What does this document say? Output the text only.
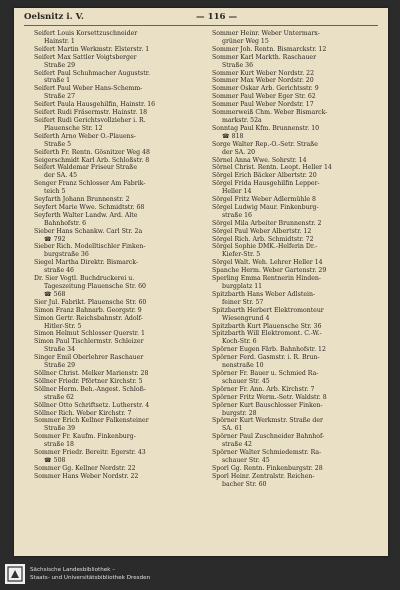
Oelsnitz i. V.	— 116 —
Seifert Louis Korsettzuschneider
Hainstr. 1
Seifert Martin Werkmstr. Elsterstr. 1
Seifert Max Sattler Voigtsberger
Straße 29
Seifert Paul Schuhmacher Auguststr.
straße 1
Seifert Paul Weber Hans-Schemm-
Straße 27
Seifert Paula Hausgehilfin, Hainstr. 16
Seifert Rudi Fräsermstr. Hainstr. 18
Seifert Rudi Gerichtsvollzieher i. R.
Plauensche Str. 12
Seiferth Arno Weber O.-Plauens-
Straße 5
Seiferth Fr. Rentn. Gösnitzer Weg 48
Seigerschmidt Karl Arb. Schloßstr. 8
Seifert Waldemar Friseur Straße
der SA. 45
Senger Franz Schlosser Am Fabrik-
teich 5
Seyfarth Johann Brunnenstr. 2
Seyfert Marie Wwe. Schmidtstr. 68
Seyferth Walter Landw. Ard. Alte
Bahnhofstr. 6
Sieber Hans Schankw. Carl Str. 2a
☎ 792
Sieber Rich. Modelltischler Finken-
burgstraße 36
Siegel Martha Direktr. Bismarck-
straße 46
Dr. Sier Vogtl. Buchdruckerei u.
Tageszeitung Plauensche Str. 60
☎ 568
Sier Jul. Fabrikt. Plauensche Str. 60
Simon Franz Bahnarb. Georgstr. 9
Simon Gertr. Reichsbahnstr. Adolf-
Hitler-Str. 5
Simon Helmut Schlosser Querstr. 1
Simon Paul Tischlermstr. Schleizer
Straße 34
Singer Emil Oberlehrer Raschauer
Straße 29
Söllner Christ. Melker Marienstr. 28
Söllner Friedr. Pförtner Kirchstr. 5
Söllner Herm. Beh.-Angest. Schloß-
straße 62
Söllner Otto Schriftsetz. Lutherstr. 4
Söllner Rich. Weber Kirchstr. 7
Sommer Erich Kellner Falkensteiner
Straße 39
Sommer Fr. Kaufm. Finkenburg-
straße 18
Sommer Friedr. Bereitr. Egerstr. 43
☎ 508
Sommer Gg. Kellner Nordstr. 22
Sommer Hans Weber Nordstr. 22
Sommer Heinr. Weber Untermarx-
grüner Weg 15
Sommer Joh. Rentn. Bismarckstr. 12
Sommer Karl Markth. Raschauer
Straße 36
Sommer Kurt Weber Nordstr. 22
Sommer Max Weber Nordstr. 20
Sommer Oskar Arb. Gerichtsstr. 9
Sommer Paul Weber Eger Str. 62
Sommer Paul Weber Nordstr. 17
Sommerweiß Chm. Weber Bismarck-
markstr. 52a
Sonntag Paul Kfm. Brunnenstr. 10
☎ 818
Sorge Walter Rep.-O.-Setr. Straße
der SA. 20
Sörnel Anna Wwe. Sohrstr. 14
Sörnel Christ. Rentn. Leopt. Heller 14
Sörgel Erich Bäcker Albertstr. 20
Sörgel Frida Hausgehilfin Lepper-
Heller 14
Sörgel Fritz Weber Adlermühle 8
Sörgel Ludwig Maur. Finkenburg-
straße 16
Sörgel Mila Arbeiter Brunnenstr. 2
Sörgel Paul Weber Albertstr. 12
Sörgel Rich. Arb. Schmidtstr. 72
Sörgel Sophie DMK.-Helferin Dr.-
Kiefer-Str. 5
Sörgel Walt. Weh. Lehrer Heller 14
Spanche Herm. Weber Gartenstr. 29
Sperling Emma Rentnerin Hinden-
burgplatz 11
Spitzbarth Hans Weber Adlstein-
feiner Str. 57
Spitzbarth Herbert Elektromonteur
Wiesengrund 4
Spitzbarth Kurt Plauensche Str. 36
Spitzbarth Will Elektromont. C.-W.-
Koch-Str. 6
Spörner Eugen Färb. Bahnhofstr. 12
Spörner Ferd. Gasmstr. i. R. Brun-
nenstraße 10
Spörner Fr. Bauer u. Schmied Ra-
schauer Str. 45
Spörner Fr. Ann. Arb. Kirchstr. 7
Spörner Fritz Werm.-Setr. Waldstr. 8
Spörner Kurt Bauschlosser Finken-
burgstr. 28
Spörner Kurt Werkmstr. Straße der
SA. 61
Spörner Paul Zuschneider Bahnhof-
straße 42
Spörner Walter Schmiedemstr. Ra-
schauer Str. 45
Sporl Gg. Rentn. Finkenburgstr. 28
Sporl Heinr. Zentralstr. Reichen-
bacher Str. 60
Sächsische Landesbibliothek –
Staats- und Universitätsbibliothek Dresden
